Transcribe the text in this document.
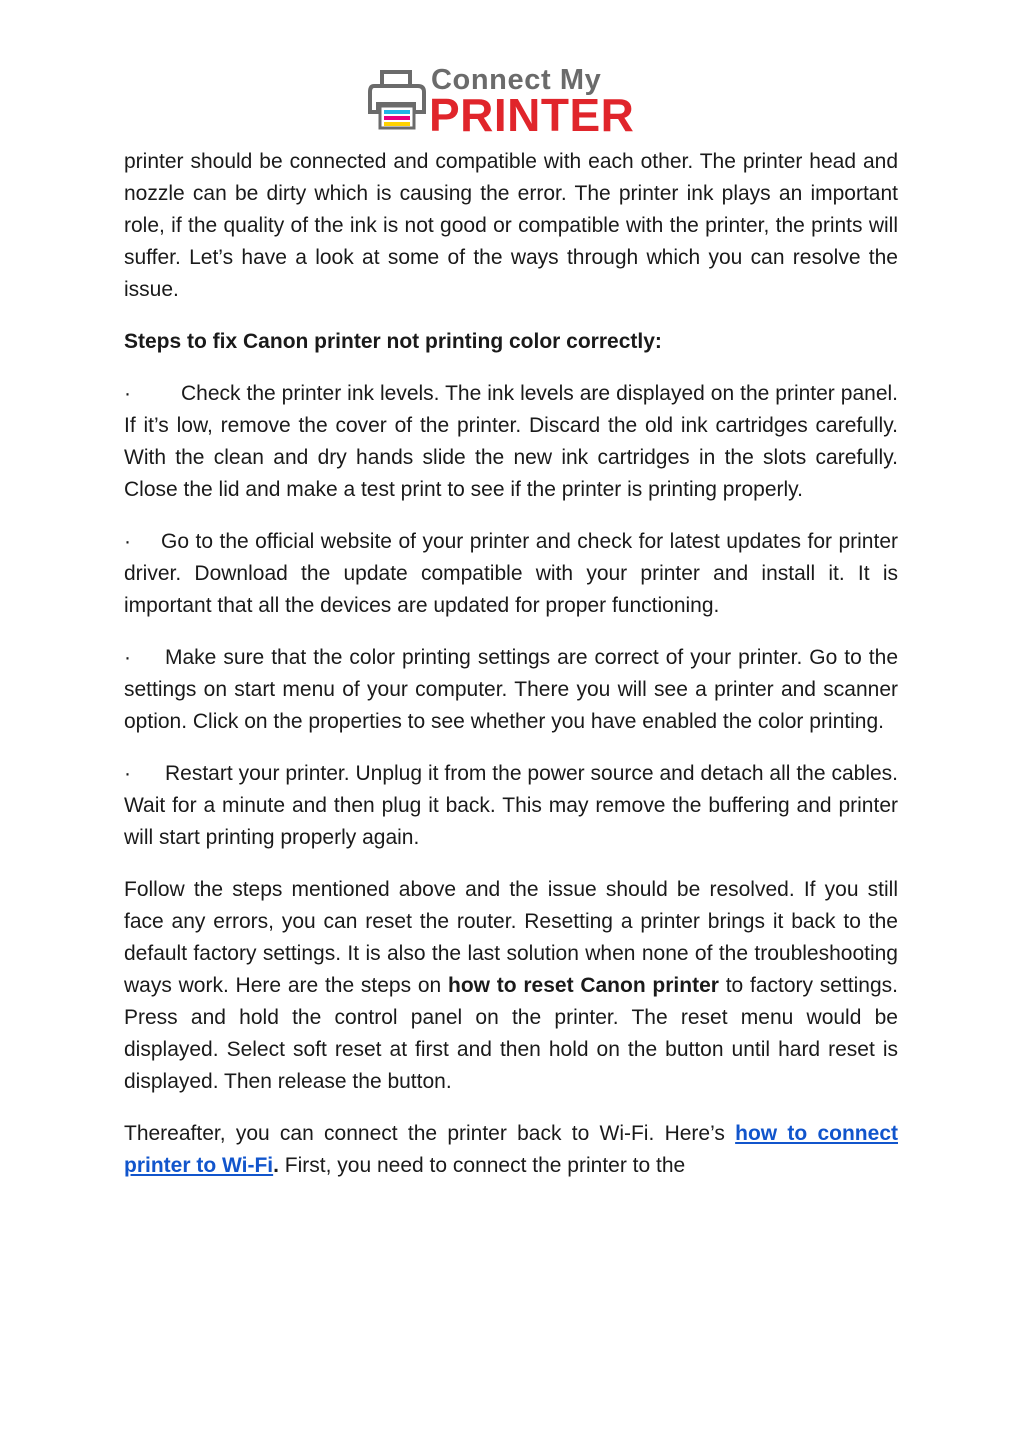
Connect My
PRINTER

printer should be connected and compatible with each other. The printer head and nozzle can be dirty which is causing the error. The printer ink plays an important role, if the quality of the ink is not good or compatible with the printer, the prints will suffer. Let’s have a look at some of the ways through which you can resolve the issue.

Steps to fix Canon printer not printing color correctly:

· Check the printer ink levels. The ink levels are displayed on the printer panel. If it’s low, remove the cover of the printer. Discard the old ink cartridges carefully. With the clean and dry hands slide the new ink cartridges in the slots carefully. Close the lid and make a test print to see if the printer is printing properly.

· Go to the official website of your printer and check for latest updates for printer driver. Download the update compatible with your printer and install it. It is important that all the devices are updated for proper functioning.

· Make sure that the color printing settings are correct of your printer. Go to the settings on start menu of your computer. There you will see a printer and scanner option. Click on the properties to see whether you have enabled the color printing.

· Restart your printer. Unplug it from the power source and detach all the cables. Wait for a minute and then plug it back. This may remove the buffering and printer will start printing properly again.

Follow the steps mentioned above and the issue should be resolved. If you still face any errors, you can reset the router. Resetting a printer brings it back to the default factory settings. It is also the last solution when none of the troubleshooting ways work. Here are the steps on how to reset Canon printer to factory settings. Press and hold the control panel on the printer. The reset menu would be displayed. Select soft reset at first and then hold on the button until hard reset is displayed. Then release the button.

Thereafter, you can connect the printer back to Wi-Fi. Here’s how to connect printer to Wi-Fi. First, you need to connect the printer to the
